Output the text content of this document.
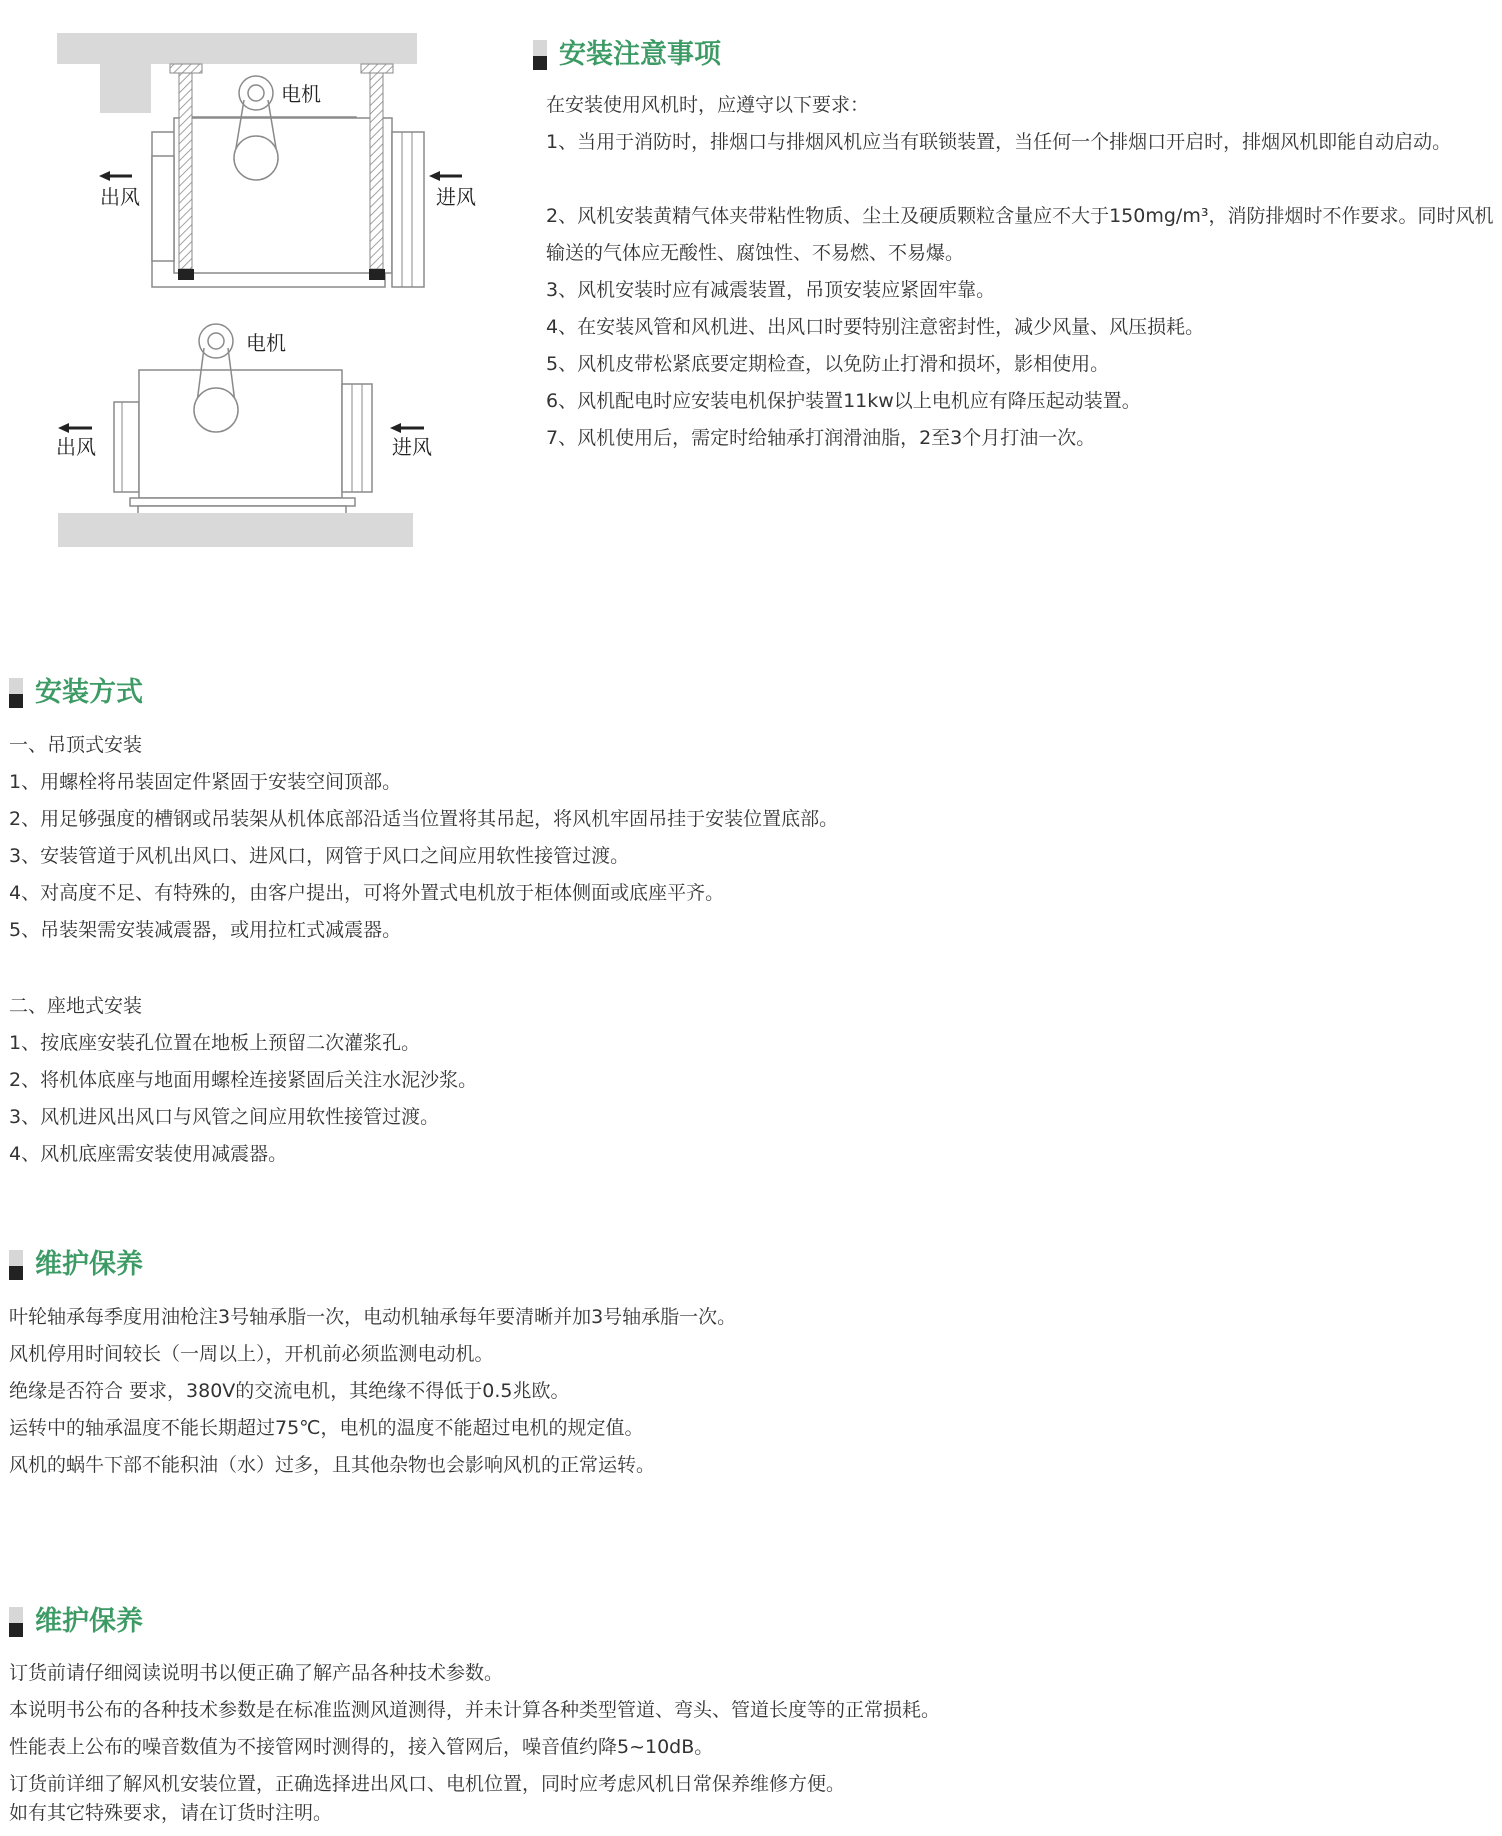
电机
出风	进风
电机
出风	进风
安装注意事项
在安装使用风机时，应遵守以下要求：
1、当用于消防时，排烟口与排烟风机应当有联锁装置，当任何一个排烟口开启时，排烟风机即能自动启动。
2、风机安装黄精气体夹带粘性物质、尘土及硬质颗粒含量应不大于150mg/m³，消防排烟时不作要求。同时风机输送的气体应无酸性、腐蚀性、不易燃、不易爆。
3、风机安装时应有减震装置，吊顶安装应紧固牢靠。
4、在安装风管和风机进、出风口时要特别注意密封性，减少风量、风压损耗。
5、风机皮带松紧底要定期检查，以免防止打滑和损坏，影相使用。
6、风机配电时应安装电机保护装置11kw以上电机应有降压起动装置。
7、风机使用后，需定时给轴承打润滑油脂，2至3个月打油一次。
安装方式
一、吊顶式安装
1、用螺栓将吊装固定件紧固于安装空间顶部。
2、用足够强度的槽钢或吊装架从机体底部沿适当位置将其吊起，将风机牢固吊挂于安装位置底部。
3、安装管道于风机出风口、进风口，网管于风口之间应用软性接管过渡。
4、对高度不足、有特殊的，由客户提出，可将外置式电机放于柜体侧面或底座平齐。
5、吊装架需安装减震器，或用拉杠式减震器。
二、座地式安装
1、按底座安装孔位置在地板上预留二次灌浆孔。
2、将机体底座与地面用螺栓连接紧固后关注水泥沙浆。
3、风机进风出风口与风管之间应用软性接管过渡。
4、风机底座需安装使用减震器。
维护保养
叶轮轴承每季度用油枪注3号轴承脂一次，电动机轴承每年要清晰并加3号轴承脂一次。
风机停用时间较长（一周以上），开机前必须监测电动机。
绝缘是否符合 要求，380V的交流电机，其绝缘不得低于0.5兆欧。
运转中的轴承温度不能长期超过75℃，电机的温度不能超过电机的规定值。
风机的蜗牛下部不能积油（水）过多，且其他杂物也会影响风机的正常运转。
维护保养
订货前请仔细阅读说明书以便正确了解产品各种技术参数。
本说明书公布的各种技术参数是在标准监测风道测得，并未计算各种类型管道、弯头、管道长度等的正常损耗。
性能表上公布的噪音数值为不接管网时测得的，接入管网后，噪音值约降5~10dB。
订货前详细了解风机安装位置，正确选择进出风口、电机位置，同时应考虑风机日常保养维修方便。
如有其它特殊要求，请在订货时注明。
